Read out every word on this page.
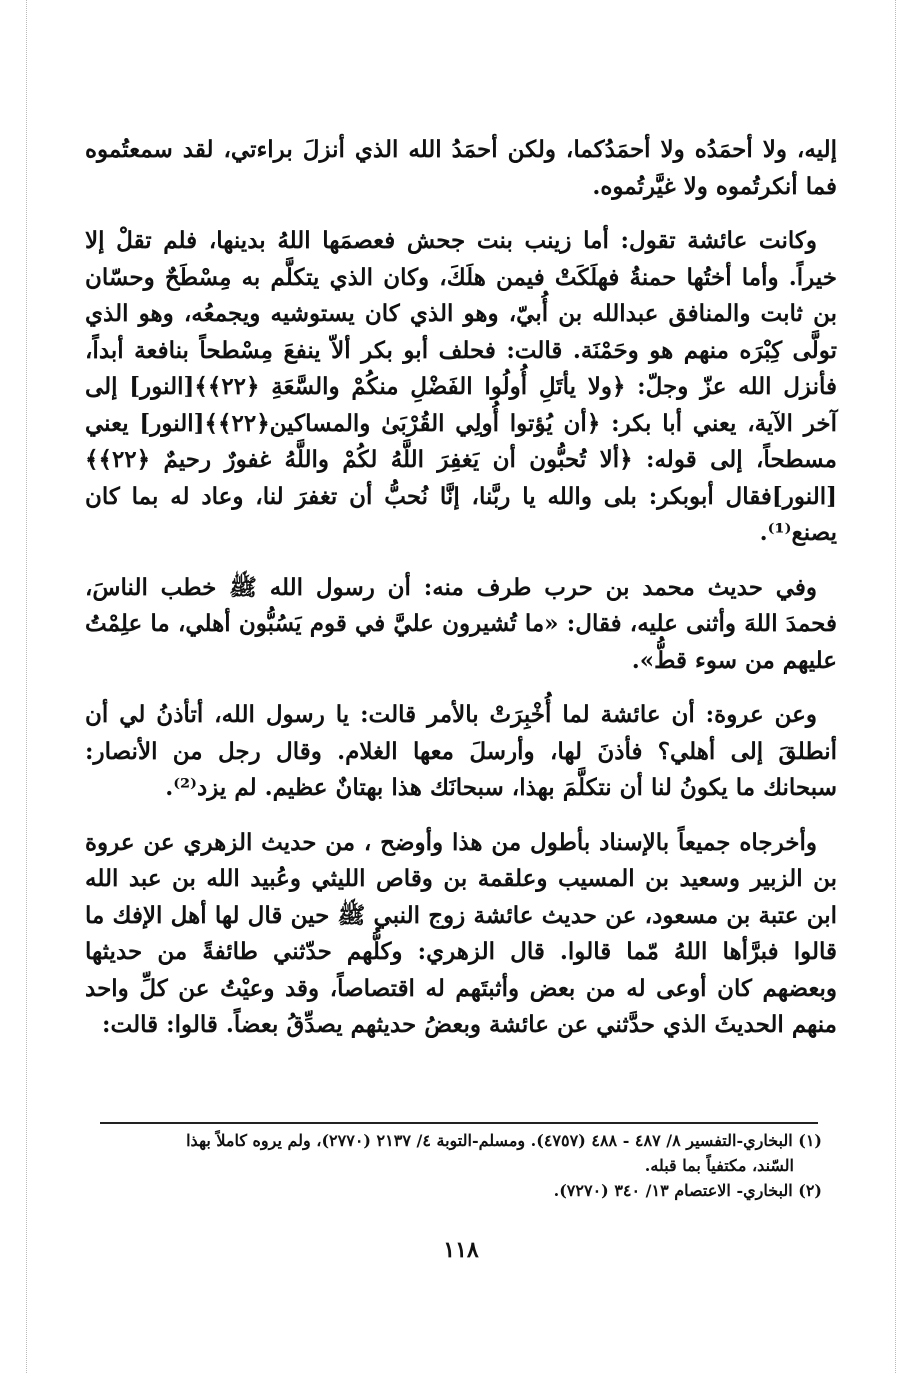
إليه، ولا أحمَدُه ولا أحمَدُكما، ولكن أحمَدُ الله الذي أنزلَ براءتي، لقد سمعتُموه فما أنكرتُموه ولا غيَّرتُموه.

وكانت عائشة تقول: أما زينب بنت جحش فعصمَها اللهُ بدينها، فلم تقلْ إلا خيراً. وأما أختُها حمنةُ فهلَكَتْ فيمن هلَكَ، وكان الذي يتكلَّم به مِسْطَحٌ وحسّان بن ثابت والمنافق عبدالله بن أُبيّ، وهو الذي كان يستوشيه ويجمعُه، وهو الذي تولَّى كِبْرَه منهم هو وحَمْنَة. قالت: فحلف أبو بكر ألاّ ينفعَ مِسْطحاً بنافعة أبداً، فأنزل الله عزّ وجلّ: ﴿ولا يأتَلِ أُولُوا الفَضْلِ منكُمْ والسَّعَةِ ﴿٢٢﴾﴾[النور] إلى آخر الآية، يعني أبا بكر: ﴿أن يُؤتوا أُولِي القُرْبَىٰ والمساكين﴿٢٢﴾﴾[النور] يعني مسطحاً، إلى قوله: ﴿ألا تُحبُّون أن يَغفِرَ اللَّهُ لكُمْ واللَّهُ غفورٌ رحيمٌ ﴿٢٢﴾﴾ [النور]فقال أبوبكر: بلى والله يا ربَّنا، إنَّا نُحبُّ أن تغفرَ لنا، وعاد له بما كان يصنع⁽¹⁾.

وفي حديث محمد بن حرب طرف منه: أن رسول الله ﷺ خطب الناسَ، فحمدَ اللهَ وأثنى عليه، فقال: «ما تُشيرون عليَّ في قوم يَسُبُّون أهلي، ما علِمْتُ عليهم من سوء قطُّ».

وعن عروة: أن عائشة لما أُخْبِرَتْ بالأمر قالت: يا رسول الله، أتأذنُ لي أن أنطلقَ إلى أهلي؟ فأذنَ لها، وأرسلَ معها الغلام. وقال رجل من الأنصار: سبحانك ما يكونُ لنا أن نتكلَّمَ بهذا، سبحانَك هذا بهتانٌ عظيم. لم يزد⁽²⁾.

وأخرجاه جميعاً بالإسناد بأطول من هذا وأوضح ، من حديث الزهري عن عروة بن الزبير وسعيد بن المسيب وعلقمة بن وقاص الليثي وعُبيد الله بن عبد الله ابن عتبة بن مسعود، عن حديث عائشة زوج النبي ﷺ حين قال لها أهل الإفك ما قالوا فبرَّأها اللهُ مّما قالوا. قال الزهري: وكلُّهم حدّثني طائفةً من حديثها وبعضهم كان أوعى له من بعض وأثبتَهم له اقتصاصاً، وقد وعيْتُ عن كلِّ واحد منهم الحديثَ الذي حدَّثني عن عائشة وبعضُ حديثهم يصدِّقُ بعضاً. قالوا: قالت:

(١) البخاري-التفسير ٨/ ٤٨٧ - ٤٨٨ (٤٧٥٧). ومسلم-التوبة ٤/ ٢١٣٧ (٢٧٧٠)، ولم يروه كاملاً بهذا

السّند، مكتفياً بما قبله.

(٢) البخاري- الاعتصام ١٣/ ٣٤٠ (٧٢٧٠).

١١٨
